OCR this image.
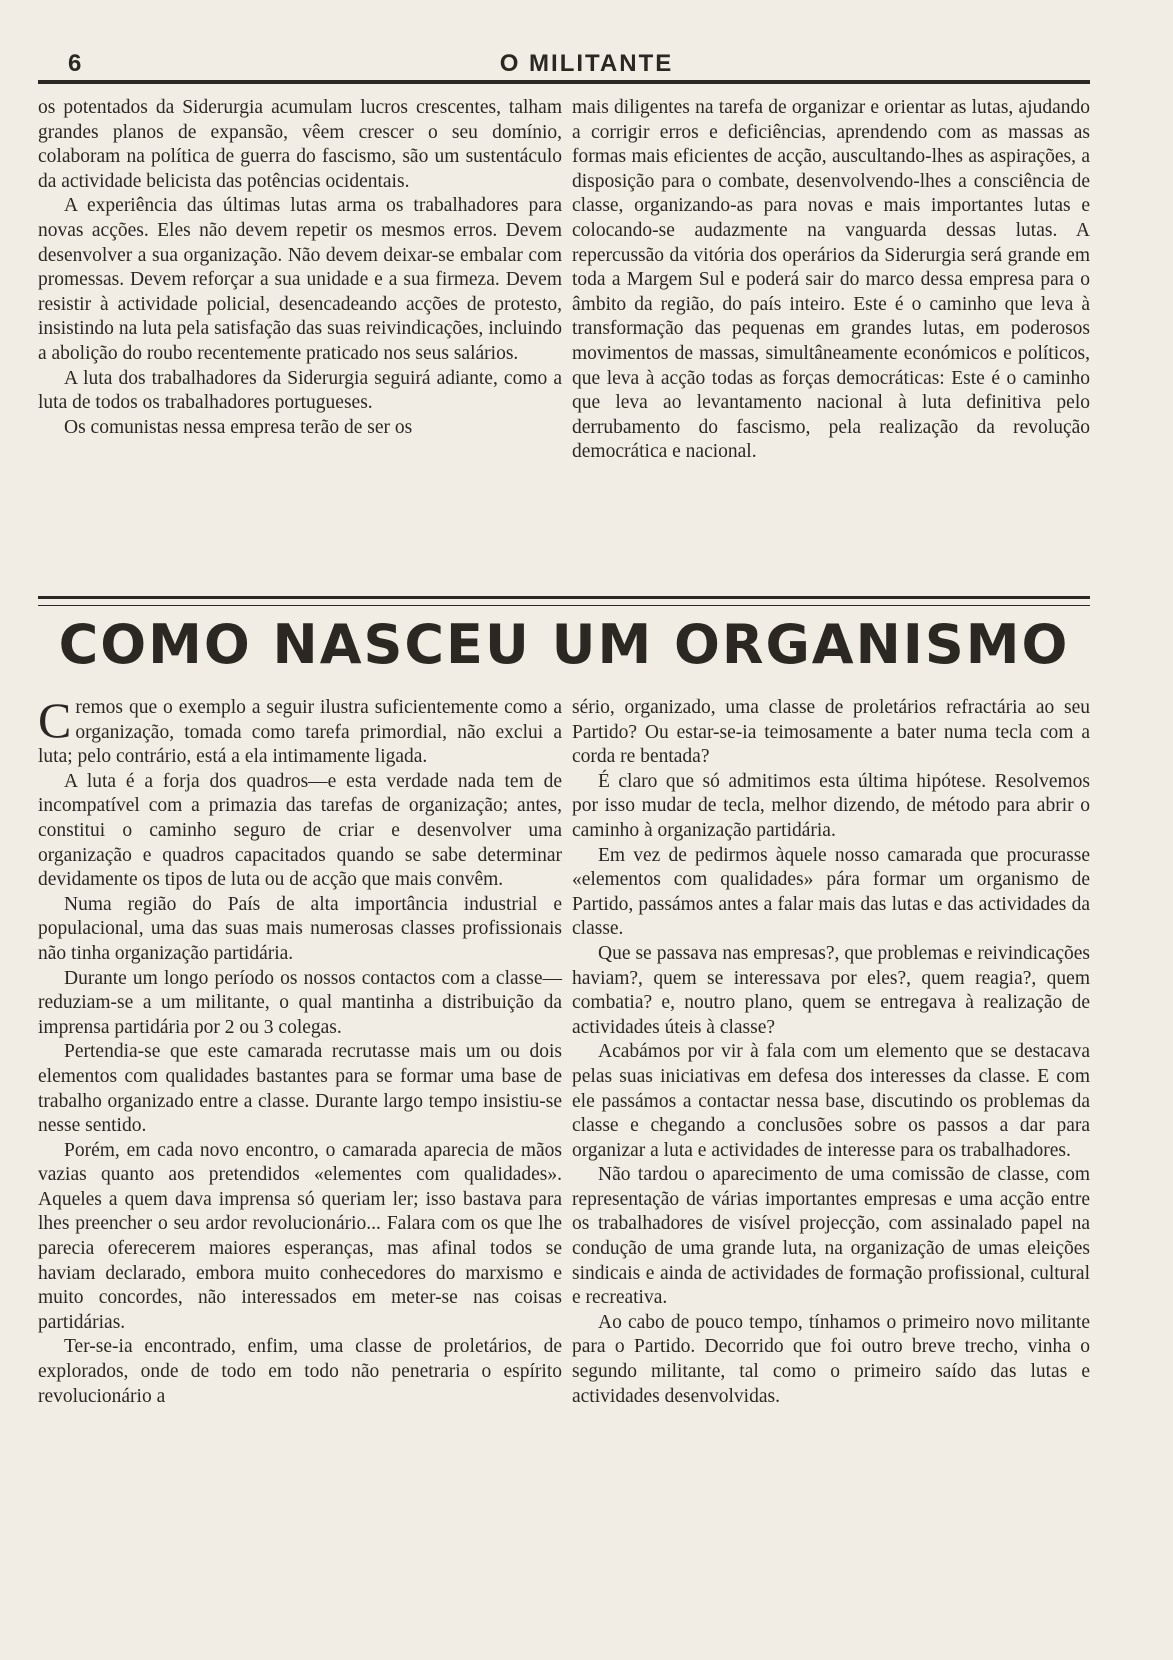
6	O MILITANTE

os potentados da Siderurgia acumulam lucros crescentes, talham grandes planos de expansão, vêem crescer o seu domínio, colaboram na política de guerra do fascismo, são um sustentáculo da actividade belicista das potências ocidentais.

A experiência das últimas lutas arma os trabalhadores para novas acções. Eles não devem repetir os mesmos erros. Devem desenvolver a sua organização. Não devem deixar-se embalar com promessas. Devem reforçar a sua unidade e a sua firmeza. Devem resistir à actividade policial, desencadeando acções de protesto, insistindo na luta pela satisfação das suas reivindicações, incluindo a abolição do roubo recentemente praticado nos seus salários.

A luta dos trabalhadores da Siderurgia seguirá adiante, como a luta de todos os trabalhadores portugueses.

Os comunistas nessa empresa terão de ser os

mais diligentes na tarefa de organizar e orientar as lutas, ajudando a corrigir erros e deficiências, aprendendo com as massas as formas mais eficientes de acção, auscultando-lhes as aspirações, a disposição para o combate, desenvolvendo-lhes a consciência de classe, organizando-as para novas e mais importantes lutas e colocando-se audazmente na vanguarda dessas lutas. A repercussão da vitória dos operários da Siderurgia será grande em toda a Margem Sul e poderá sair do marco dessa empresa para o âmbito da região, do país inteiro. Este é o caminho que leva à transformação das pequenas em grandes lutas, em poderosos movimentos de massas, simultâneamente económicos e políticos, que leva à acção todas as forças democráticas: Este é o caminho que leva ao levantamento nacional à luta definitiva pelo derrubamento do fascismo, pela realização da revolução democrática e nacional.

COMO NASCEU UM ORGANISMO

Cremos que o exemplo a seguir ilustra suficientemente como a organização, tomada como tarefa primordial, não exclui a luta; pelo contrário, está a ela intimamente ligada.

A luta é a forja dos quadros—e esta verdade nada tem de incompatível com a primazia das tarefas de organização; antes, constitui o caminho seguro de criar e desenvolver uma organização e quadros capacitados quando se sabe determinar devidamente os tipos de luta ou de acção que mais convêm.

Numa região do País de alta importância industrial e populacional, uma das suas mais numerosas classes profissionais não tinha organização partidária.

Durante um longo período os nossos contactos com a classe—reduziam-se a um militante, o qual mantinha a distribuição da imprensa partidária por 2 ou 3 colegas.

Pertendia-se que este camarada recrutasse mais um ou dois elementos com qualidades bastantes para se formar uma base de trabalho organizado entre a classe. Durante largo tempo insistiu-se nesse sentido.

Porém, em cada novo encontro, o camarada aparecia de mãos vazias quanto aos pretendidos «elementes com qualidades». Aqueles a quem dava imprensa só queriam ler; isso bastava para lhes preencher o seu ardor revolucionário... Falara com os que lhe parecia oferecerem maiores esperanças, mas afinal todos se haviam declarado, embora muito conhecedores do marxismo e muito concordes, não interessados em meter-se nas coisas partidárias.

Ter-se-ia encontrado, enfim, uma classe de proletários, de explorados, onde de todo em todo não penetraria o espírito revolucionário a

sério, organizado, uma classe de proletários refractária ao seu Partido? Ou estar-se-ia teimosamente a bater numa tecla com a corda re bentada?

É claro que só admitimos esta última hipótese. Resolvemos por isso mudar de tecla, melhor dizendo, de método para abrir o caminho à organização partidária.

Em vez de pedirmos àquele nosso camarada que procurasse «elementos com qualidades» pára formar um organismo de Partido, passámos antes a falar mais das lutas e das actividades da classe.

Que se passava nas empresas?, que problemas e reivindicações haviam?, quem se interessava por eles?, quem reagia?, quem combatia? e, noutro plano, quem se entregava à realização de actividades úteis à classe?

Acabámos por vir à fala com um elemento que se destacava pelas suas iniciativas em defesa dos interesses da classe. E com ele passámos a contactar nessa base, discutindo os problemas da classe e chegando a conclusões sobre os passos a dar para organizar a luta e actividades de interesse para os trabalhadores.

Não tardou o aparecimento de uma comissão de classe, com representação de várias importantes empresas e uma acção entre os trabalhadores de visível projecção, com assinalado papel na condução de uma grande luta, na organização de umas eleições sindicais e ainda de actividades de formação profissional, cultural e recreativa.

Ao cabo de pouco tempo, tínhamos o primeiro novo militante para o Partido. Decorrido que foi outro breve trecho, vinha o segundo militante, tal como o primeiro saído das lutas e actividades desenvolvidas.
